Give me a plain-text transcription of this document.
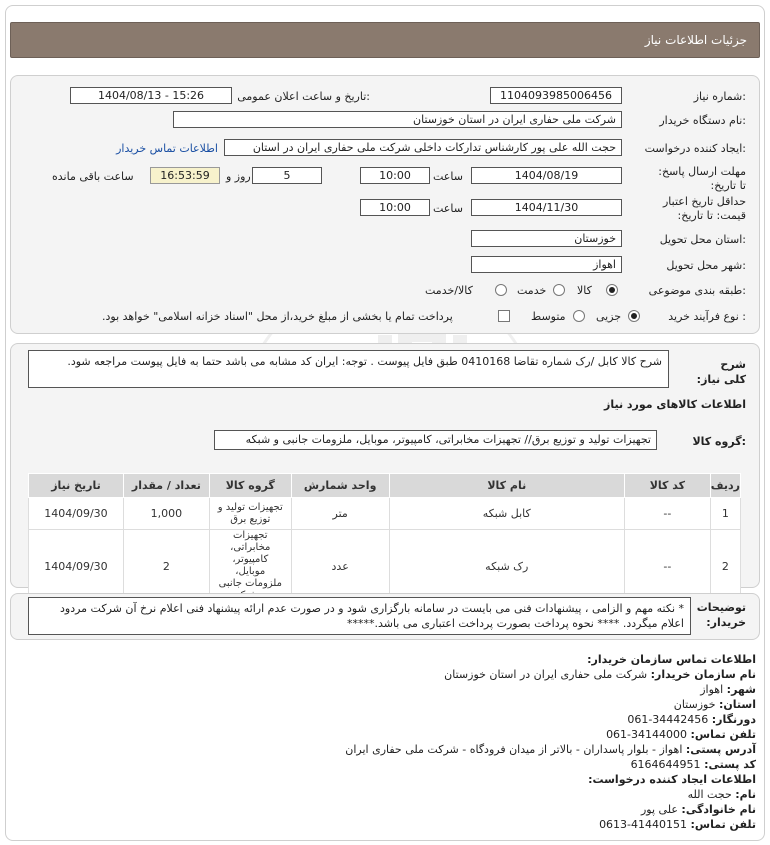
جزئیات اطلاعات نیاز
شماره نیاز:
1104093985006456
تاریخ و ساعت اعلان عمومی:
1404/08/13 - 15:26
نام دستگاه خریدار:
شرکت ملی حفاری ایران در استان خوزستان
ایجاد کننده درخواست:
حجت الله علی پور کارشناس تدارکات داخلی شرکت ملی حفاری ایران در استان
اطلاعات تماس خریدار
مهلت ارسال پاسخ: تا تاریخ:
1404/08/19
ساعت
10:00
5
روز و
16:53:59
ساعت باقی مانده
حداقل تاریخ اعتبار قیمت: تا تاریخ:
1404/11/30
ساعت
10:00
استان محل تحویل:
خوزستان
شهر محل تحویل:
اهواز
طبقه بندی موضوعی:
کالا
خدمت
کالا/خدمت
نوع فرآیند خرید :
جزیی
متوسط
پرداخت تمام یا بخشی از مبلغ خرید،از محل "اسناد خزانه اسلامی" خواهد بود.
شرح کلی نیاز:
شرح کالا کابل /رک شماره تقاضا 0410168 طبق فایل پیوست . توجه: ایران کد مشابه می باشد حتما به فایل پیوست مراجعه شود.
اطلاعات کالاهای مورد نیاز
گروه کالا:
تجهیزات تولید و توزیع برق// تجهیزات مخابراتی، کامپیوتر، موبایل، ملزومات جانبی و شبکه
ردیف	کد کالا	نام کالا	واحد شمارش	گروه کالا	تعداد / مقدار	تاریخ نیاز
1	--	کابل شبکه	متر	تجهیزات تولید و توزیع برق	1,000	1404/09/30
2	--	رک شبکه	عدد	تجهیزات مخابراتی، کامپیوتر، موبایل، ملزومات جانبی	2	1404/09/30
توضیحات خریدار:
* نکته مهم و الزامی ، پیشنهادات فنی می بایست در سامانه بارگزاری شود و در صورت عدم ارائه پیشنهاد فنی اعلام نرخ آن شرکت مردود اعلام میگردد. **** نحوه پرداخت بصورت پرداخت اعتباری می باشد.*****
اطلاعات تماس سازمان خریدار:
نام سازمان خریدار: شرکت ملی حفاری ایران در استان خوزستان
شهر: اهواز
استان: خوزستان
دورنگار: 061-34442456
تلفن تماس: 061-34144000
آدرس پستی: اهواز - بلوار پاسداران - بالاتر از میدان فرودگاه - شرکت ملی حفاری ایران
کد پستی: 6164644951
اطلاعات ایجاد کننده درخواست:
نام: حجت الله
نام خانوادگی: علی پور
تلفن تماس: 0613-41440151
